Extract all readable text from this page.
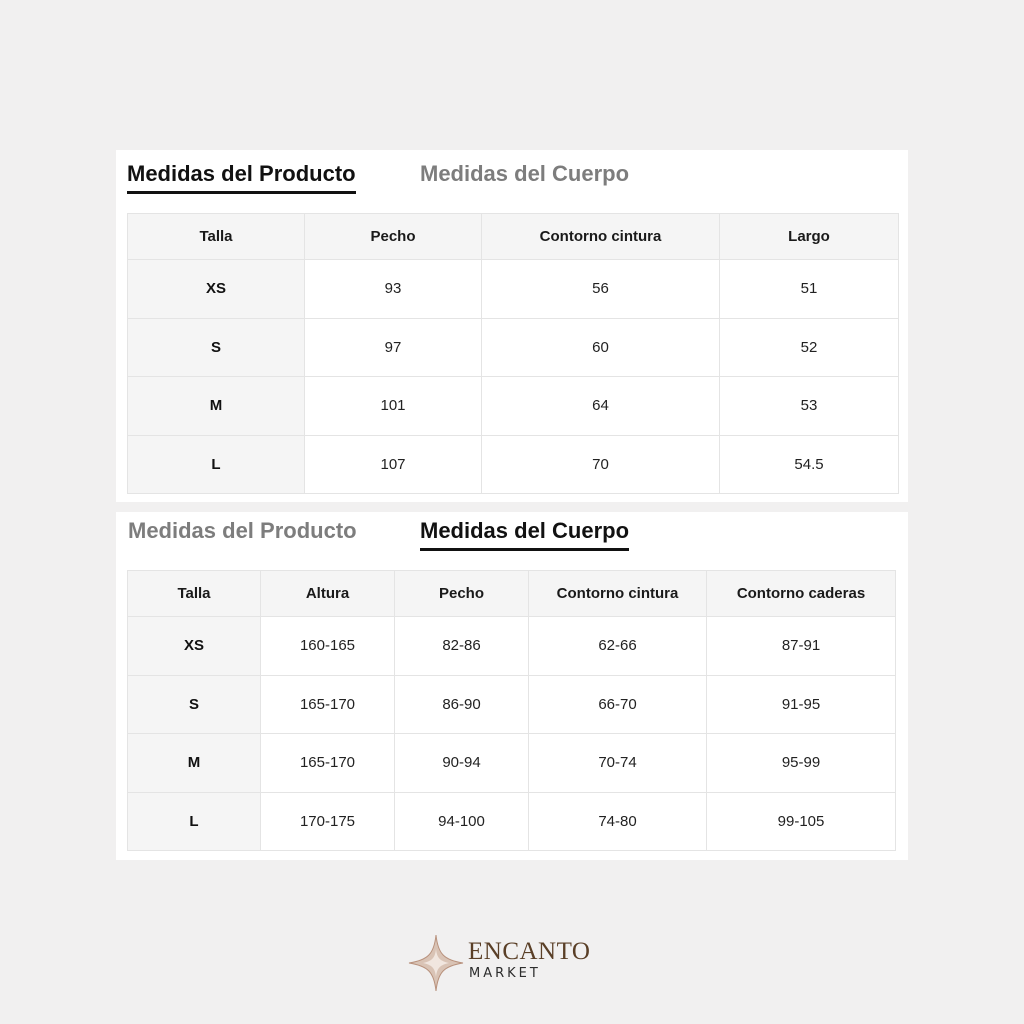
Medidas del Producto	Medidas del Cuerpo
Talla	Pecho	Contorno cintura	Largo
XS	93	56	51
S	97	60	52
M	101	64	53
L	107	70	54.5
Medidas del Producto	Medidas del Cuerpo
Talla	Altura	Pecho	Contorno cintura	Contorno caderas
XS	160-165	82-86	62-66	87-91
S	165-170	86-90	66-70	91-95
M	165-170	90-94	70-74	95-99
L	170-175	94-100	74-80	99-105
ENCANTO
MARKET
